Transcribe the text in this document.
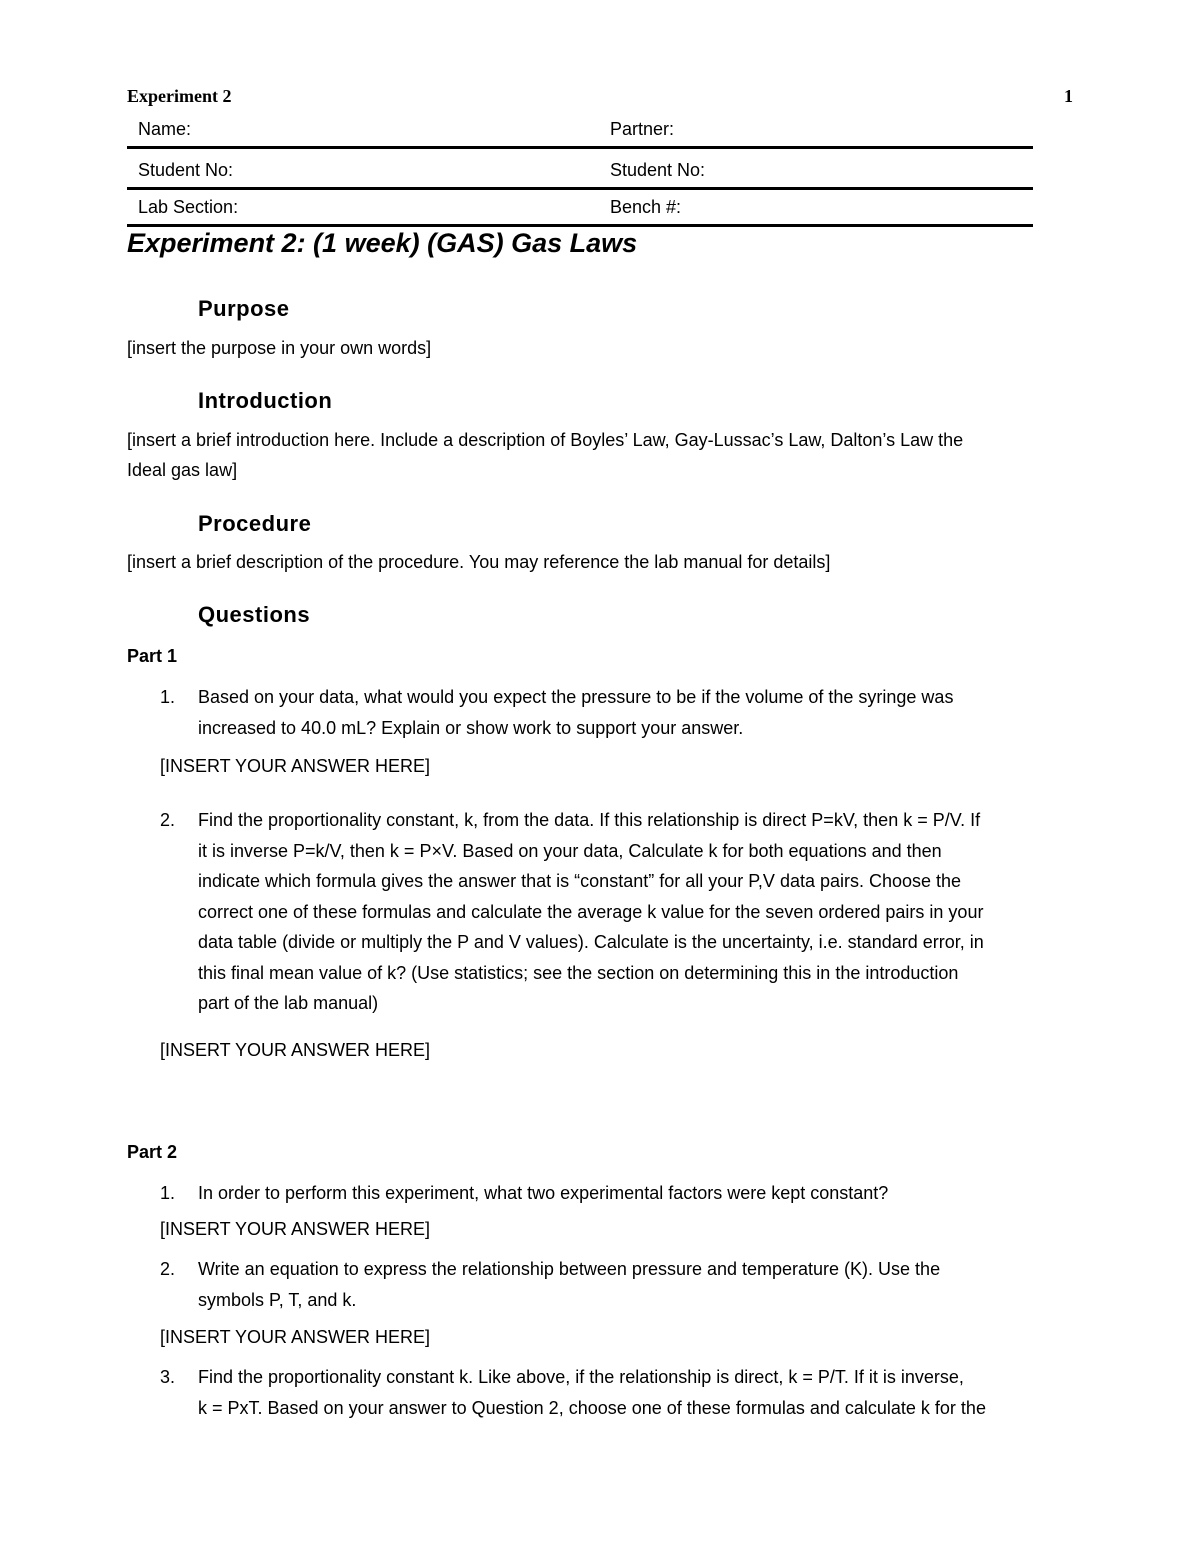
Experiment 2	1
Name:	Partner:
Student No:	Student No:
Lab Section:	Bench #:
Experiment 2: (1 week) (GAS) Gas Laws
Purpose
[insert the purpose in your own words]
Introduction
[insert a brief introduction here. Include a description of Boyles’ Law, Gay-Lussac’s Law, Dalton’s Law the
Ideal gas law]
Procedure
[insert a brief description of the procedure. You may reference the lab manual for details]
Questions
Part 1
1.	Based on your data, what would you expect the pressure to be if the volume of the syringe was
increased to 40.0 mL? Explain or show work to support your answer.
[INSERT YOUR ANSWER HERE]
2.	Find the proportionality constant, k, from the data. If this relationship is direct P=kV, then k = P/V. If
it is inverse P=k/V, then k = P×V. Based on your data, Calculate k for both equations and then
indicate which formula gives the answer that is “constant” for all your P,V data pairs. Choose the
correct one of these formulas and calculate the average k value for the seven ordered pairs in your
data table (divide or multiply the P and V values). Calculate is the uncertainty, i.e. standard error, in
this final mean value of k? (Use statistics; see the section on determining this in the introduction
part of the lab manual)
[INSERT YOUR ANSWER HERE]
Part 2
1.	In order to perform this experiment, what two experimental factors were kept constant?
[INSERT YOUR ANSWER HERE]
2.	Write an equation to express the relationship between pressure and temperature (K). Use the
symbols P, T, and k.
[INSERT YOUR ANSWER HERE]
3.	Find the proportionality constant k. Like above, if the relationship is direct, k = P/T. If it is inverse,
k = PxT. Based on your answer to Question 2, choose one of these formulas and calculate k for the
